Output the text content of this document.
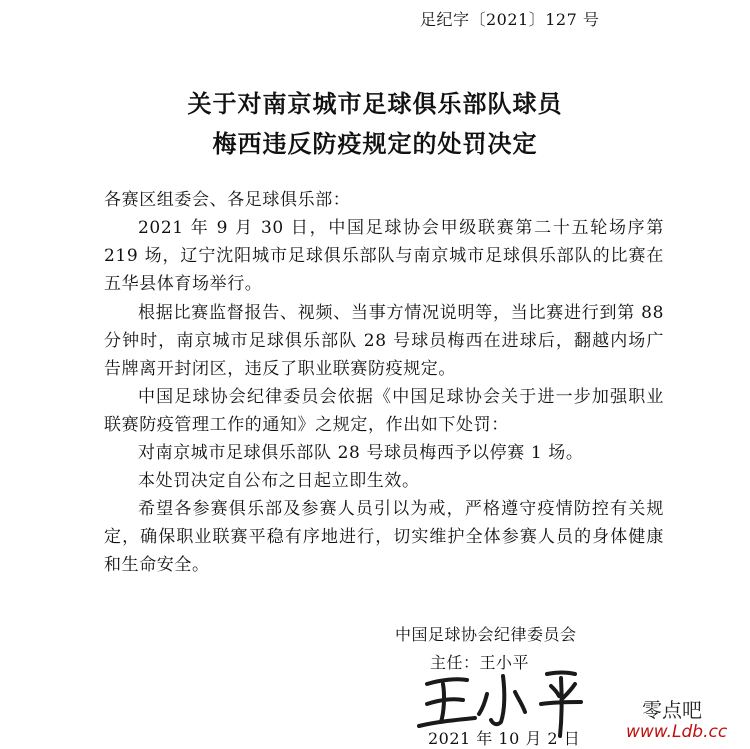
足纪字〔2021〕127 号
关于对南京城市足球俱乐部队球员
梅西违反防疫规定的处罚决定
各赛区组委会、各足球俱乐部：
2021 年 9 月 30 日，中国足球协会甲级联赛第二十五轮场序第 219 场，辽宁沈阳城市足球俱乐部队与南京城市足球俱乐部队的比赛在五华县体育场举行。
根据比赛监督报告、视频、当事方情况说明等，当比赛进行到第 88 分钟时，南京城市足球俱乐部队 28 号球员梅西在进球后，翻越内场广告牌离开封闭区，违反了职业联赛防疫规定。
中国足球协会纪律委员会依据《中国足球协会关于进一步加强职业联赛防疫管理工作的通知》之规定，作出如下处罚：
对南京城市足球俱乐部队 28 号球员梅西予以停赛 1 场。
本处罚决定自公布之日起立即生效。
希望各参赛俱乐部及参赛人员引以为戒，严格遵守疫情防控有关规定，确保职业联赛平稳有序地进行，切实维护全体参赛人员的身体健康和生命安全。
中国足球协会纪律委员会
主任：王小平
2021 年 10 月 2 日
零点吧
www.Ldb.cc
